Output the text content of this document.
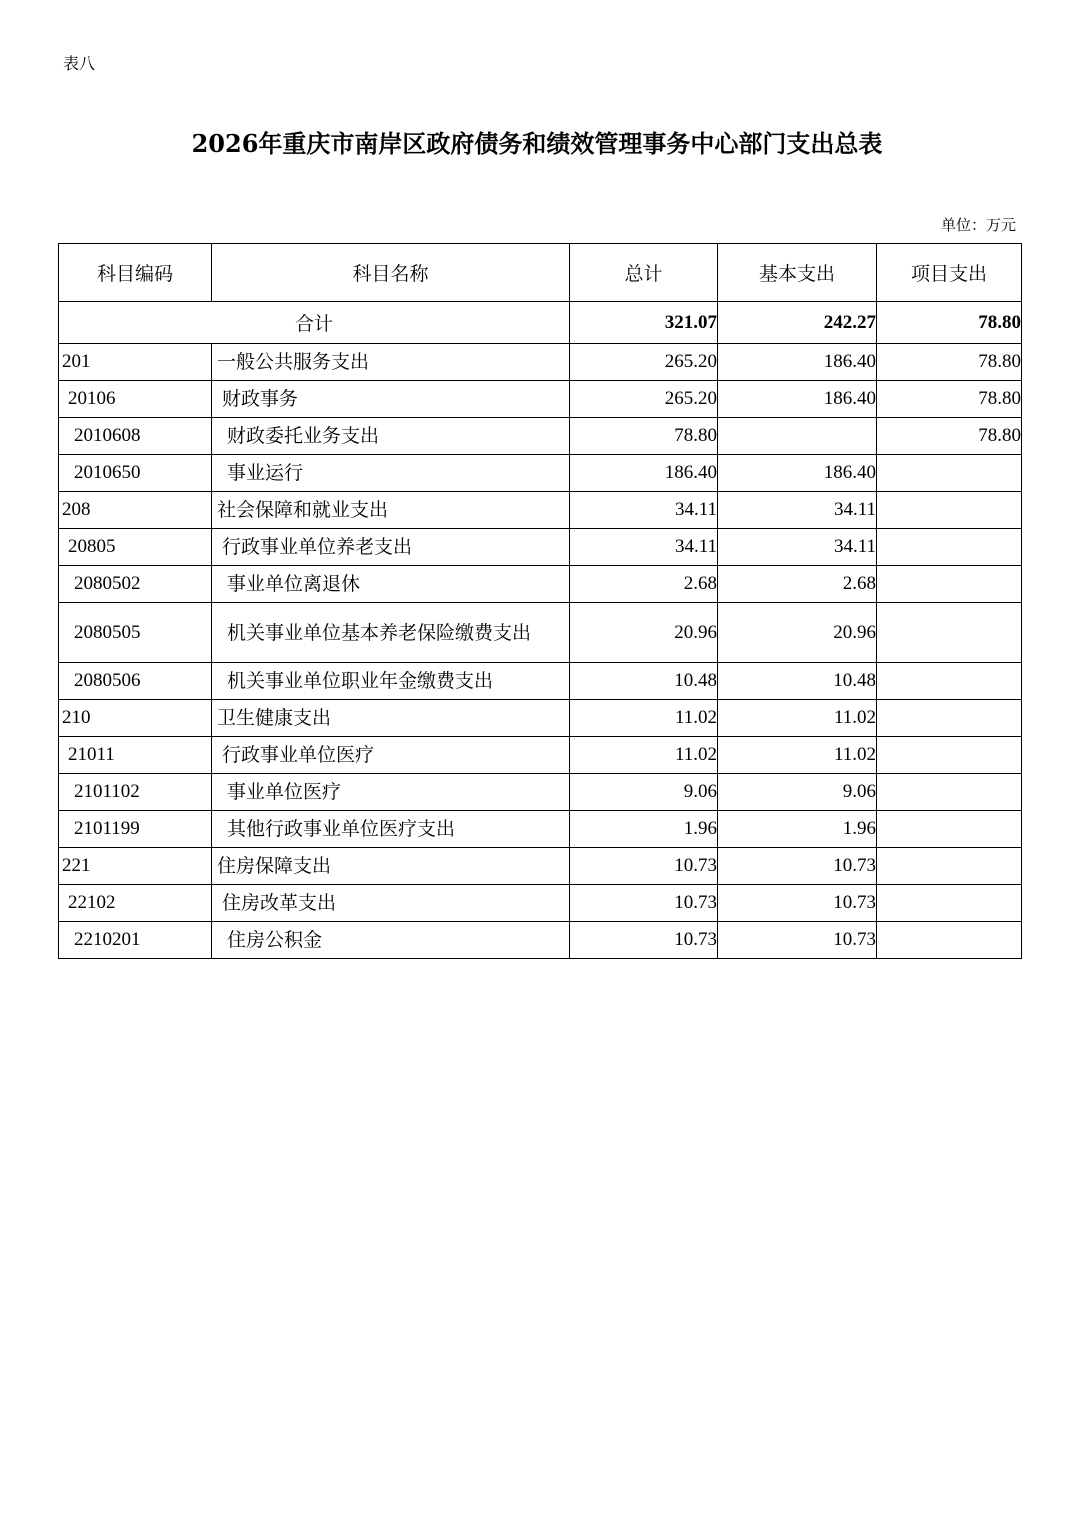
表八
2026年重庆市南岸区政府债务和绩效管理事务中心部门支出总表
单位：万元
科目编码	科目名称	总计	基本支出	项目支出
合计		321.07	242.27	78.80
201	一般公共服务支出	265.20	186.40	78.80
20106	财政事务	265.20	186.40	78.80
2010608	财政委托业务支出	78.80		78.80
2010650	事业运行	186.40	186.40	
208	社会保障和就业支出	34.11	34.11	
20805	行政事业单位养老支出	34.11	34.11	
2080502	事业单位离退休	2.68	2.68	
2080505	机关事业单位基本养老保险缴费支出	20.96	20.96	
2080506	机关事业单位职业年金缴费支出	10.48	10.48	
210	卫生健康支出	11.02	11.02	
21011	行政事业单位医疗	11.02	11.02	
2101102	事业单位医疗	9.06	9.06	
2101199	其他行政事业单位医疗支出	1.96	1.96	
221	住房保障支出	10.73	10.73	
22102	住房改革支出	10.73	10.73	
2210201	住房公积金	10.73	10.73	
